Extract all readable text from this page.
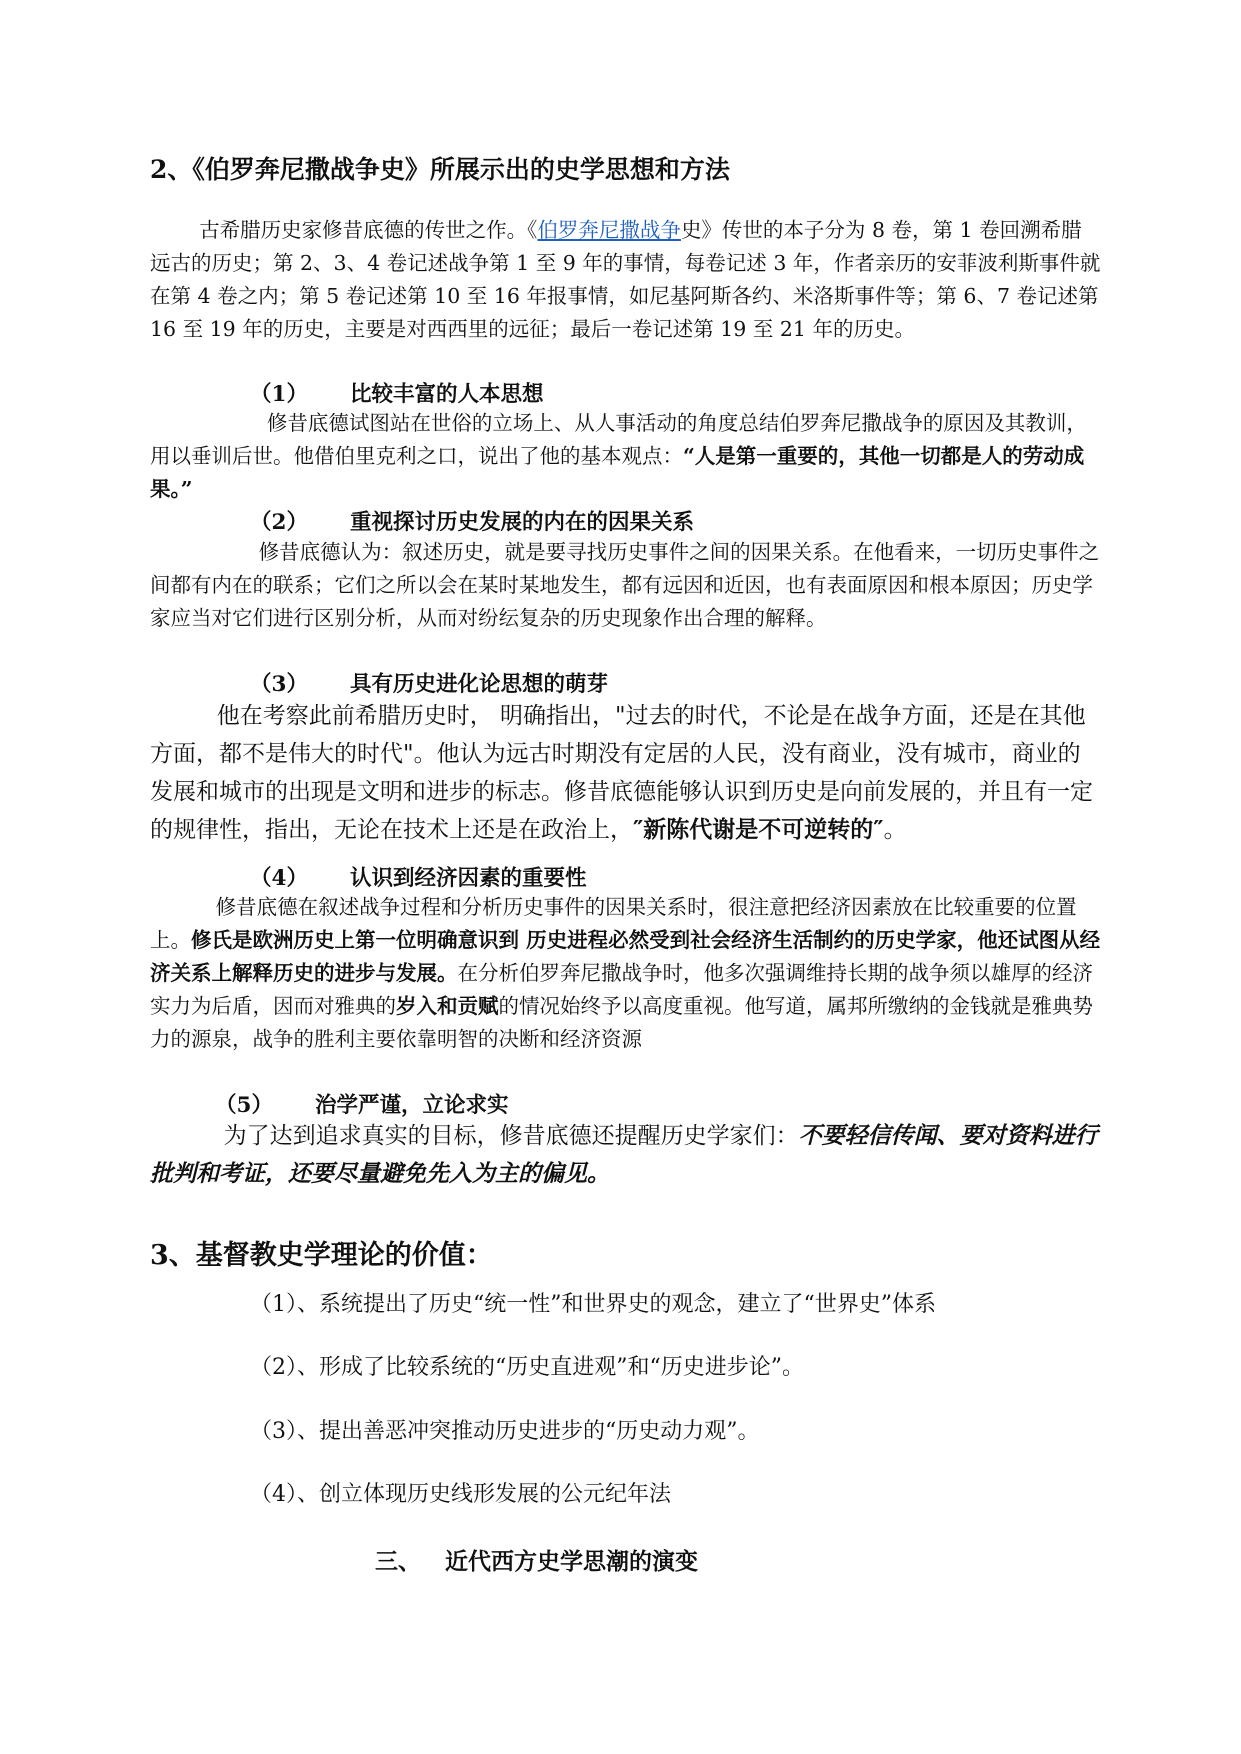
2、《伯罗奔尼撒战争史》所展示出的史学思想和方法
古希腊历史家修昔底德的传世之作。《伯罗奔尼撒战争史》传世的本子分为 8 卷，第 1 卷回溯希腊远古的历史；第 2、3、4 卷记述战争第 1 至 9 年的事情，每卷记述 3 年，作者亲历的安菲波利斯事件就在第 4 卷之内；第 5 卷记述第 10 至 16 年报事情，如尼基阿斯各约、米洛斯事件等；第 6、7 卷记述第 16 至 19 年的历史，主要是对西西里的远征；最后一卷记述第 19 至 21 年的历史。
（1） 比较丰富的人本思想
修昔底德试图站在世俗的立场上、从人事活动的角度总结伯罗奔尼撒战争的原因及其教训，用以垂训后世。他借伯里克利之口，说出了他的基本观点：“人是第一重要的，其他一切都是人的劳动成果。”
（2） 重视探讨历史发展的内在的因果关系
修昔底德认为：叙述历史，就是要寻找历史事件之间的因果关系。在他看来，一切历史事件之间都有内在的联系；它们之所以会在某时某地发生，都有远因和近因，也有表面原因和根本原因；历史学家应当对它们进行区别分析，从而对纷纭复杂的历史现象作出合理的解释。
（3） 具有历史进化论思想的萌芽
他在考察此前希腊历史时， 明确指出，"过去的时代，不论是在战争方面，还是在其他方面，都不是伟大的时代"。他认为远古时期没有定居的人民，没有商业，没有城市，商业的发展和城市的出现是文明和进步的标志。修昔底德能够认识到历史是向前发展的，并且有一定的规律性，指出，无论在技术上还是在政治上，″新陈代谢是不可逆转的″。
（4） 认识到经济因素的重要性
修昔底德在叙述战争过程和分析历史事件的因果关系时，很注意把经济因素放在比较重要的位置上。修氏是欧洲历史上第一位明确意识到 历史进程必然受到社会经济生活制约的历史学家，他还试图从经济关系上解释历史的进步与发展。在分析伯罗奔尼撒战争时，他多次强调维持长期的战争须以雄厚的经济实力为后盾，因而对雅典的岁入和贡赋的情况始终予以高度重视。他写道，属邦所缴纳的金钱就是雅典势力的源泉，战争的胜利主要依靠明智的决断和经济资源
（5） 治学严谨，立论求实
为了达到追求真实的目标，修昔底德还提醒历史学家们：不要轻信传闻、要对资料进行批判和考证，还要尽量避免先入为主的偏见。
3、基督教史学理论的价值：
（1）、系统提出了历史“统一性”和世界史的观念，建立了“世界史”体系
（2）、形成了比较系统的“历史直进观”和“历史进步论”。
（3）、提出善恶冲突推动历史进步的“历史动力观”。
（4）、创立体现历史线形发展的公元纪年法
三、 近代西方史学思潮的演变
